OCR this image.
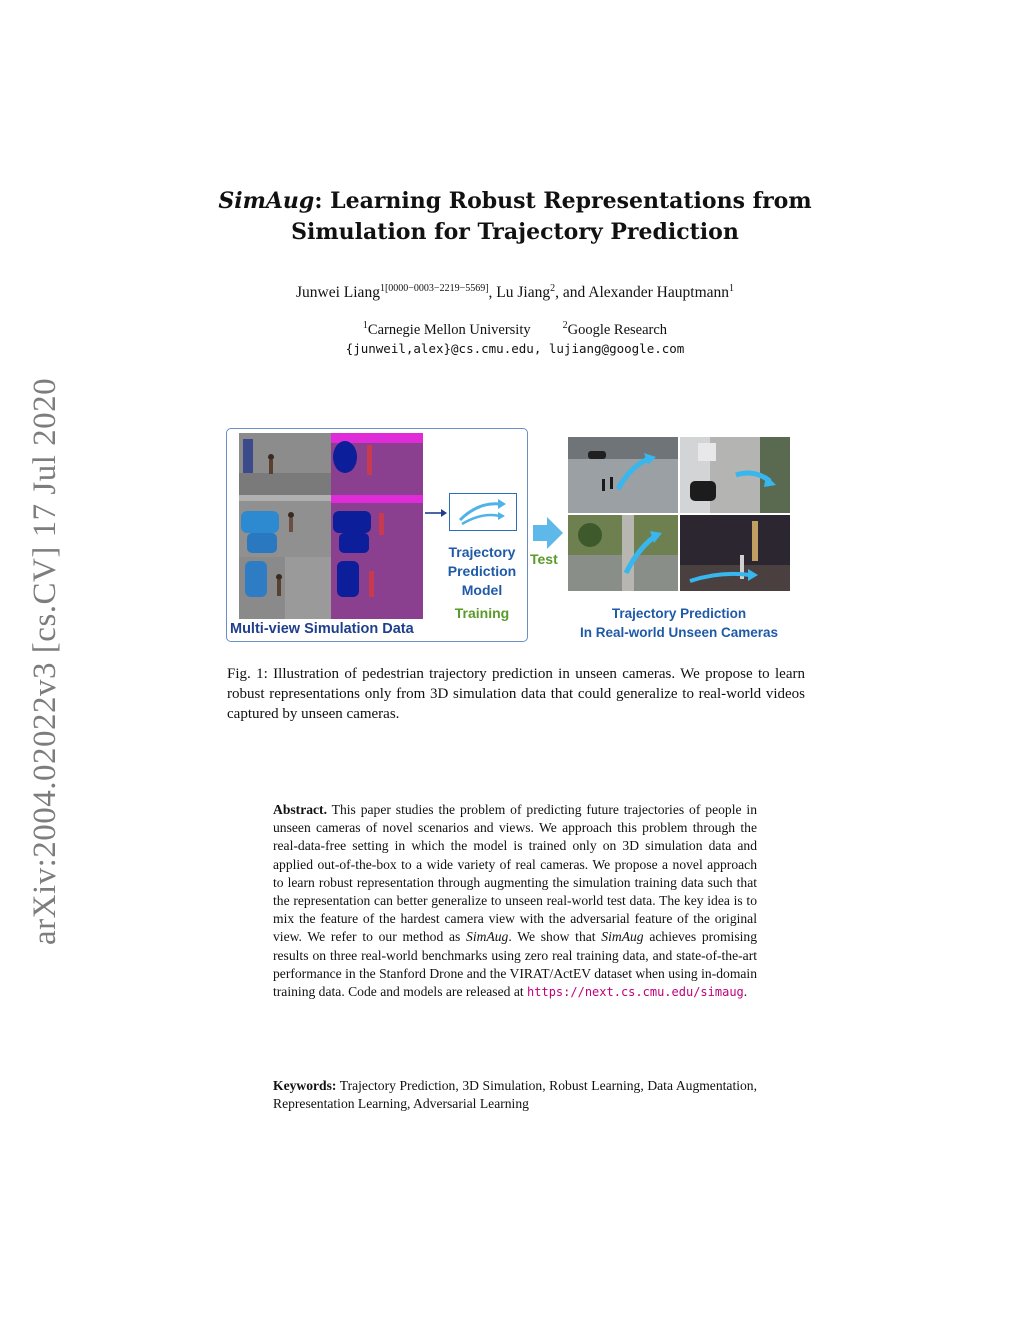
arXiv:2004.02022v3 [cs.CV] 17 Jul 2020
SimAug: Learning Robust Representations from
Simulation for Trajectory Prediction
Junwei Liang$^{1[0000-0003-2219-5569]}$, Lu Jiang$^2$, and Alexander Hauptmann$^1$
$^1$Carnegie Mellon University	$^2$Google Research
{junweil,alex}@cs.cmu.edu, lujiang@google.com
Trajectory
Prediction
Model
Training
Multi-view Simulation Data
Test
Trajectory Prediction
In Real-world Unseen Cameras
Fig. 1: Illustration of pedestrian trajectory prediction in unseen cameras. We propose to learn robust representations only from 3D simulation data that could generalize to real-world videos captured by unseen cameras.
Abstract. This paper studies the problem of predicting future trajectories of people in unseen cameras of novel scenarios and views. We approach this problem through the real-data-free setting in which the model is trained only on 3D simulation data and applied out-of-the-box to a wide variety of real cameras. We propose a novel approach to learn robust representation through augmenting the simulation training data such that the representation can better generalize to unseen real-world test data. The key idea is to mix the feature of the hardest camera view with the adversarial feature of the original view. We refer to our method as SimAug. We show that SimAug achieves promising results on three real-world benchmarks using zero real training data, and state-of-the-art performance in the Stanford Drone and the VIRAT/ActEV dataset when using in-domain training data. Code and models are released at https://next.cs.cmu.edu/simaug.
Keywords: Trajectory Prediction, 3D Simulation, Robust Learning, Data Augmentation, Representation Learning, Adversarial Learning
